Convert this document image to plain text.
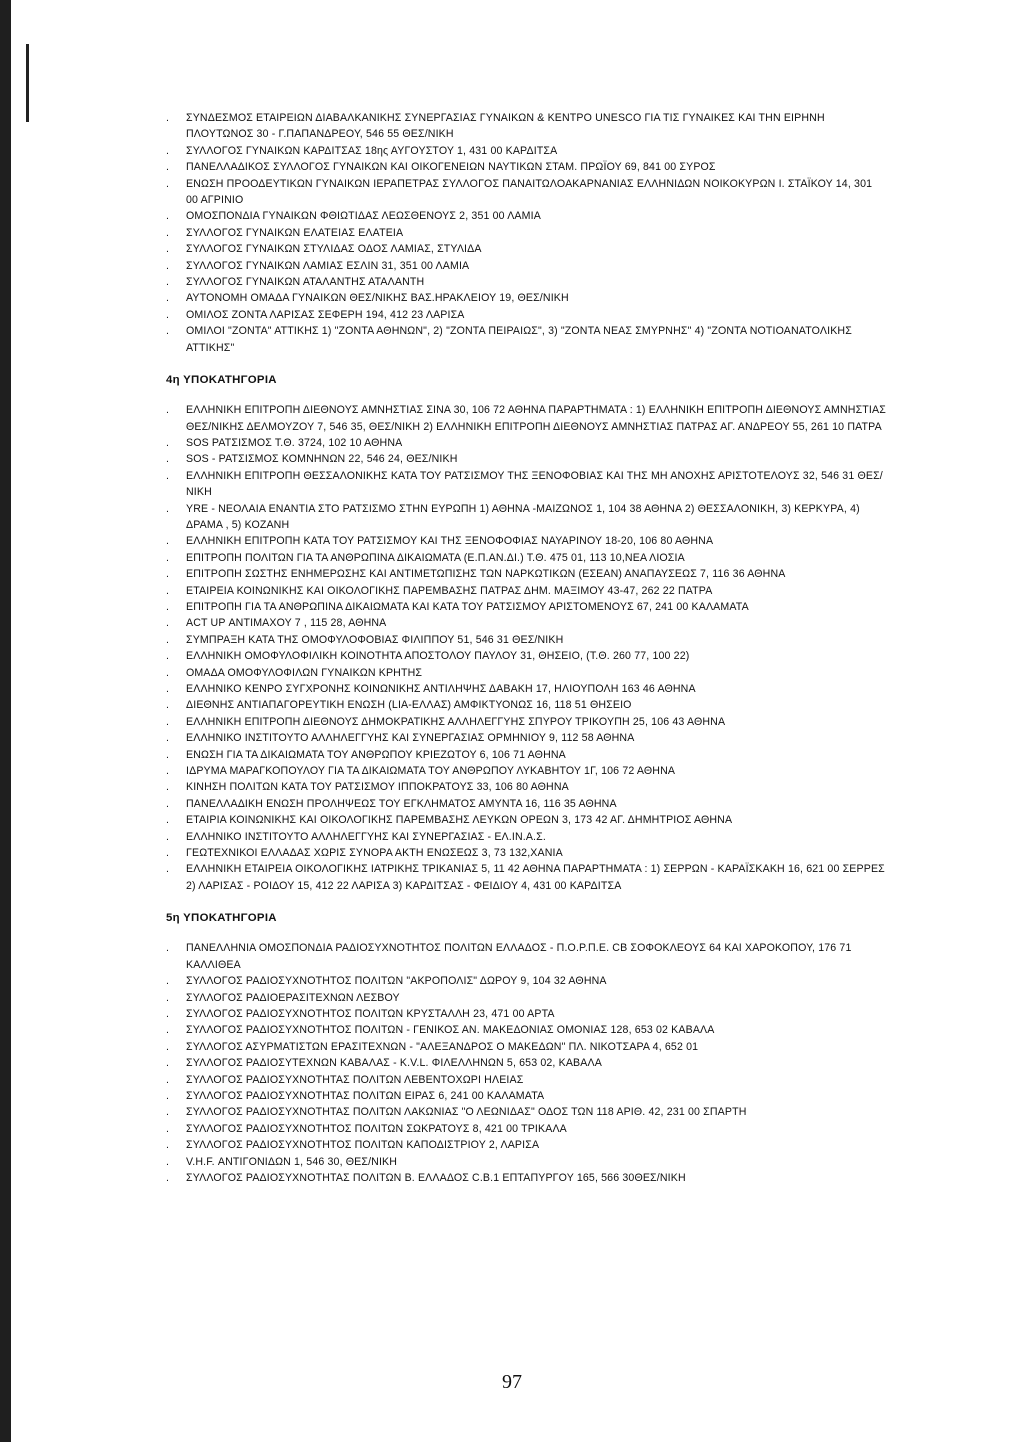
.	ΣΥΝΔΕΣΜΟΣ ΕΤΑΙΡΕΙΩΝ ΔΙΑΒΑΛΚΑΝΙΚΗΣ ΣΥΝΕΡΓΑΣΙΑΣ ΓΥΝΑΙΚΩΝ & ΚΕΝΤΡΟ UNESCO ΓΙΑ ΤΙΣ ΓΥΝΑΙΚΕΣ ΚΑΙ ΤΗΝ ΕΙΡΗΝΗ ΠΛΟΥΤΩΝΟΣ 30 - Γ.ΠΑΠΑΝΔΡΕΟΥ, 546 55 ΘΕΣ/ΝΙΚΗ
.	ΣΥΛΛΟΓΟΣ ΓΥΝΑΙΚΩΝ ΚΑΡΔΙΤΣΑΣ 18ης ΑΥΓΟΥΣΤΟΥ 1, 431 00 ΚΑΡΔΙΤΣΑ
.	ΠΑΝΕΛΛΑΔΙΚΟΣ ΣΥΛΛΟΓΟΣ ΓΥΝΑΙΚΩΝ ΚΑΙ ΟΙΚΟΓΕΝΕΙΩΝ ΝΑΥΤΙΚΩΝ ΣΤΑΜ. ΠΡΩΪΟΥ 69, 841 00 ΣΥΡΟΣ
.	ΕΝΩΣΗ ΠΡΟΟΔΕΥΤΙΚΩΝ ΓΥΝΑΙΚΩΝ ΙΕΡΑΠΕΤΡΑΣ ΣΥΛΛΟΓΟΣ ΠΑΝΑΙΤΩΛΟΑΚΑΡΝΑΝΙΑΣ ΕΛΛΗΝΙΔΩΝ ΝΟΙΚΟΚΥΡΩΝ Ι. ΣΤΑΪΚΟΥ 14, 301 00 ΑΓΡΙΝΙΟ
.	ΟΜΟΣΠΟΝΔΙΑ ΓΥΝΑΙΚΩΝ ΦΘΙΩΤΙΔΑΣ ΛΕΩΣΘΕΝΟΥΣ 2, 351 00 ΛΑΜΙΑ
.	ΣΥΛΛΟΓΟΣ ΓΥΝΑΙΚΩΝ ΕΛΑΤΕΙΑΣ ΕΛΑΤΕΙΑ
.	ΣΥΛΛΟΓΟΣ ΓΥΝΑΙΚΩΝ ΣΤΥΛΙΔΑΣ ΟΔΟΣ ΛΑΜΙΑΣ, ΣΤΥΛΙΔΑ
.	ΣΥΛΛΟΓΟΣ ΓΥΝΑΙΚΩΝ ΛΑΜΙΑΣ ΕΣΛΙΝ 31, 351 00 ΛΑΜΙΑ
.	ΣΥΛΛΟΓΟΣ ΓΥΝΑΙΚΩΝ ΑΤΑΛΑΝΤΗΣ ΑΤΑΛΑΝΤΗ
.	ΑΥΤΟΝΟΜΗ ΟΜΑΔΑ ΓΥΝΑΙΚΩΝ ΘΕΣ/ΝΙΚΗΣ ΒΑΣ.ΗΡΑΚΛΕΙΟΥ 19, ΘΕΣ/ΝΙΚΗ
.	ΟΜΙΛΟΣ ΖΟΝΤΑ ΛΑΡΙΣΑΣ ΣΕΦΕΡΗ 194, 412 23 ΛΑΡΙΣΑ
.	ΟΜΙΛΟΙ "ΖΟΝΤΑ" ΑΤΤΙΚΗΣ 1) "ΖΟΝΤΑ ΑΘΗΝΩΝ", 2) "ΖΟΝΤΑ ΠΕΙΡΑΙΩΣ", 3) "ΖΟΝΤΑ ΝΕΑΣ ΣΜΥΡΝΗΣ" 4) "ΖΟΝΤΑ ΝΟΤΙΟΑΝΑΤΟΛΙΚΗΣ ΑΤΤΙΚΗΣ"
4η ΥΠΟΚΑΤΗΓΟΡΙΑ
.	ΕΛΛΗΝΙΚΗ ΕΠΙΤΡΟΠΗ ΔΙΕΘΝΟΥΣ ΑΜΝΗΣΤΙΑΣ ΣΙΝΑ 30, 106 72 ΑΘΗΝΑ ΠΑΡΑΡΤΗΜΑΤΑ : 1) ΕΛΛΗΝΙΚΗ ΕΠΙΤΡΟΠΗ ΔΙΕΘΝΟΥΣ ΑΜΝΗΣΤΙΑΣ ΘΕΣ/ΝΙΚΗΣ ΔΕΛΜΟΥΖΟΥ 7, 546 35, ΘΕΣ/ΝΙΚΗ 2) ΕΛΛΗΝΙΚΗ ΕΠΙΤΡΟΠΗ ΔΙΕΘΝΟΥΣ ΑΜΝΗΣΤΙΑΣ ΠΑΤΡΑΣ ΑΓ. ΑΝΔΡΕΟΥ 55, 261 10 ΠΑΤΡΑ
.	SOS ΡΑΤΣΙΣΜΟΣ Τ.Θ. 3724, 102 10 ΑΘΗΝΑ
.	SOS - ΡΑΤΣΙΣΜΟΣ ΚΟΜΝΗΝΩΝ 22, 546 24, ΘΕΣ/ΝΙΚΗ
.	ΕΛΛΗΝΙΚΗ ΕΠΙΤΡΟΠΗ ΘΕΣΣΑΛΟΝΙΚΗΣ ΚΑΤΑ ΤΟΥ ΡΑΤΣΙΣΜΟΥ ΤΗΣ ΞΕΝΟΦΟΒΙΑΣ ΚΑΙ ΤΗΣ ΜΗ ΑΝΟΧΗΣ ΑΡΙΣΤΟΤΕΛΟΥΣ 32, 546 31 ΘΕΣ/ΝΙΚΗ
.	YRE - ΝΕΟΛΑΙΑ ΕΝΑΝΤΙΑ ΣΤΟ ΡΑΤΣΙΣΜΟ ΣΤΗΝ ΕΥΡΩΠΗ 1) ΑΘΗΝΑ -ΜΑΙΖΩΝΟΣ 1, 104 38 ΑΘΗΝΑ 2) ΘΕΣΣΑΛΟΝΙΚΗ, 3) ΚΕΡΚΥΡΑ, 4) ΔΡΑΜΑ , 5) ΚΟΖΑΝΗ
.	ΕΛΛΗΝΙΚΗ ΕΠΙΤΡΟΠΗ ΚΑΤΑ ΤΟΥ ΡΑΤΣΙΣΜΟΥ ΚΑΙ ΤΗΣ ΞΕΝΟΦΟΦΙΑΣ ΝΑΥΑΡΙΝΟΥ 18-20, 106 80 ΑΘΗΝΑ
.	ΕΠΙΤΡΟΠΗ ΠΟΛΙΤΩΝ ΓΙΑ ΤΑ ΑΝΘΡΩΠΙΝΑ ΔΙΚΑΙΩΜΑΤΑ (Ε.Π.ΑΝ.ΔΙ.) Τ.Θ. 475 01, 113 10,ΝΕΑ ΛΙΟΣΙΑ
.	ΕΠΙΤΡΟΠΗ ΣΩΣΤΗΣ ΕΝΗΜΕΡΩΣΗΣ ΚΑΙ ΑΝΤΙΜΕΤΩΠΙΣΗΣ ΤΩΝ ΝΑΡΚΩΤΙΚΩΝ (ΕΣΕΑΝ) ΑΝΑΠΑΥΣΕΩΣ 7, 116 36 ΑΘΗΝΑ
.	ΕΤΑΙΡΕΙΑ ΚΟΙΝΩΝΙΚΗΣ ΚΑΙ ΟΙΚΟΛΟΓΙΚΗΣ ΠΑΡΕΜΒΑΣΗΣ ΠΑΤΡΑΣ ΔΗΜ. ΜΑΞΙΜΟΥ 43-47, 262 22 ΠΑΤΡΑ
.	ΕΠΙΤΡΟΠΗ ΓΙΑ ΤΑ ΑΝΘΡΩΠΙΝΑ ΔΙΚΑΙΩΜΑΤΑ ΚΑΙ ΚΑΤΑ ΤΟΥ ΡΑΤΣΙΣΜΟΥ ΑΡΙΣΤΟΜΕΝΟΥΣ 67, 241 00 ΚΑΛΑΜΑΤΑ
.	ACT UP ΑΝΤΙΜΑΧΟΥ 7 , 115 28, ΑΘΗΝΑ
.	ΣΥΜΠΡΑΞΗ ΚΑΤΑ ΤΗΣ ΟΜΟΦΥΛΟΦΟΒΙΑΣ ΦΙΛΙΠΠΟΥ 51, 546 31 ΘΕΣ/ΝΙΚΗ
.	ΕΛΛΗΝΙΚΗ ΟΜΟΦΥΛΟΦΙΛΙΚΗ ΚΟΙΝΟΤΗΤΑ ΑΠΟΣΤΟΛΟΥ ΠΑΥΛΟΥ 31, ΘΗΣΕΙΟ, (Τ.Θ. 260 77, 100 22)
.	ΟΜΑΔΑ ΟΜΟΦΥΛΟΦΙΛΩΝ ΓΥΝΑΙΚΩΝ ΚΡΗΤΗΣ
.	ΕΛΛΗΝΙΚΟ ΚΕΝΡΟ ΣΥΓΧΡΟΝΗΣ ΚΟΙΝΩΝΙΚΗΣ ΑΝΤΙΛΗΨΗΣ ΔΑΒΑΚΗ 17, ΗΛΙΟΥΠΟΛΗ 163 46 ΑΘΗΝΑ
.	ΔΙΕΘΝΗΣ ΑΝΤΙΑΠΑΓΟΡΕΥΤΙΚΗ ΕΝΩΣΗ (LIA-ΕΛΛΑΣ) ΑΜΦΙΚΤΥΟΝΩΣ 16, 118 51 ΘΗΣΕΙΟ
.	ΕΛΛΗΝΙΚΗ ΕΠΙΤΡΟΠΗ ΔΙΕΘΝΟΥΣ ΔΗΜΟΚΡΑΤΙΚΗΣ ΑΛΛΗΛΕΓΓΥΗΣ ΣΠΥΡΟΥ ΤΡΙΚΟΥΠΗ 25, 106 43 ΑΘΗΝΑ
.	ΕΛΛΗΝΙΚΟ ΙΝΣΤΙΤΟΥΤΟ ΑΛΛΗΛΕΓΓΥΗΣ ΚΑΙ ΣΥΝΕΡΓΑΣΙΑΣ ΟΡΜΗΝΙΟΥ 9, 112 58 ΑΘΗΝΑ
.	ΕΝΩΣΗ ΓΙΑ ΤΑ ΔΙΚΑΙΩΜΑΤΑ ΤΟΥ ΑΝΘΡΩΠΟΥ ΚΡΙΕΖΩΤΟΥ 6, 106 71 ΑΘΗΝΑ
.	ΙΔΡΥΜΑ ΜΑΡΑΓΚΟΠΟΥΛΟΥ ΓΙΑ ΤΑ ΔΙΚΑΙΩΜΑΤΑ ΤΟΥ ΑΝΘΡΩΠΟΥ ΛΥΚΑΒΗΤΟΥ 1Γ, 106 72 ΑΘΗΝΑ
.	ΚΙΝΗΣΗ ΠΟΛΙΤΩΝ ΚΑΤΑ ΤΟΥ ΡΑΤΣΙΣΜΟΥ ΙΠΠΟΚΡΑΤΟΥΣ 33, 106 80 ΑΘΗΝΑ
.	ΠΑΝΕΛΛΑΔΙΚΗ ΕΝΩΣΗ ΠΡΟΛΗΨΕΩΣ ΤΟΥ ΕΓΚΛΗΜΑΤΟΣ ΑΜΥΝΤΑ 16, 116 35 ΑΘΗΝΑ
.	ΕΤΑΙΡΙΑ ΚΟΙΝΩΝΙΚΗΣ ΚΑΙ ΟΙΚΟΛΟΓΙΚΗΣ ΠΑΡΕΜΒΑΣΗΣ ΛΕΥΚΩΝ ΟΡΕΩΝ 3, 173 42 ΑΓ. ΔΗΜΗΤΡΙΟΣ ΑΘΗΝΑ
.	ΕΛΛΗΝΙΚΟ ΙΝΣΤΙΤΟΥΤΟ ΑΛΛΗΛΕΓΓΥΗΣ ΚΑΙ ΣΥΝΕΡΓΑΣΙΑΣ - ΕΛ.ΙΝ.Α.Σ.
.	ΓΕΩΤΕΧΝΙΚΟΙ ΕΛΛΑΔΑΣ ΧΩΡΙΣ ΣΥΝΟΡΑ ΑΚΤΗ ΕΝΩΣΕΩΣ 3, 73 132,ΧΑΝΙΑ
.	ΕΛΛΗΝΙΚΗ ΕΤΑΙΡΕΙΑ ΟΙΚΟΛΟΓΙΚΗΣ ΙΑΤΡΙΚΗΣ ΤΡΙΚΑΝΙΑΣ 5, 11 42 ΑΘΗΝΑ ΠΑΡΑΡΤΗΜΑΤΑ : 1) ΣΕΡΡΩΝ - ΚΑΡΑΪΣΚΑΚΗ 16, 621 00 ΣΕΡΡΕΣ 2) ΛΑΡΙΣΑΣ - ΡΟΙΔΟΥ 15, 412 22 ΛΑΡΙΣΑ 3) ΚΑΡΔΙΤΣΑΣ - ΦΕΙΔΙΟΥ 4, 431 00 ΚΑΡΔΙΤΣΑ
5η ΥΠΟΚΑΤΗΓΟΡΙΑ
.	ΠΑΝΕΛΛΗΝΙΑ ΟΜΟΣΠΟΝΔΙΑ ΡΑΔΙΟΣΥΧΝΟΤΗΤΟΣ ΠΟΛΙΤΩΝ ΕΛΛΑΔΟΣ - Π.Ο.Ρ.Π.Ε. CB ΣΟΦΟΚΛΕΟΥΣ 64 ΚΑΙ ΧΑΡΟΚΟΠΟΥ, 176 71 ΚΑΛΛΙΘΕΑ
.	ΣΥΛΛΟΓΟΣ ΡΑΔΙΟΣΥΧΝΟΤΗΤΟΣ ΠΟΛΙΤΩΝ "ΑΚΡΟΠΟΛΙΣ" ΔΩΡΟΥ 9, 104 32 ΑΘΗΝΑ
.	ΣΥΛΛΟΓΟΣ ΡΑΔΙΟΕΡΑΣΙΤΕΧΝΩΝ ΛΕΣΒΟΥ
.	ΣΥΛΛΟΓΟΣ ΡΑΔΙΟΣΥΧΝΟΤΗΤΟΣ ΠΟΛΙΤΩΝ ΚΡΥΣΤΑΛΛΗ 23, 471 00 ΑΡΤΑ
.	ΣΥΛΛΟΓΟΣ ΡΑΔΙΟΣΥΧΝΟΤΗΤΟΣ ΠΟΛΙΤΩΝ - ΓΕΝΙΚΟΣ ΑΝ. ΜΑΚΕΔΟΝΙΑΣ ΟΜΟΝΙΑΣ 128, 653 02 ΚΑΒΑΛΑ
.	ΣΥΛΛΟΓΟΣ ΑΣΥΡΜΑΤΙΣΤΩΝ ΕΡΑΣΙΤΕΧΝΩΝ - "ΑΛΕΞΑΝΔΡΟΣ Ο ΜΑΚΕΔΩΝ" ΠΛ. ΝΙΚΟΤΣΑΡΑ 4, 652 01
.	ΣΥΛΛΟΓΟΣ ΡΑΔΙΟΣΥΤΕΧΝΩΝ ΚΑΒΑΛΑΣ - K.V.L. ΦΙΛΕΛΛΗΝΩΝ 5, 653 02, ΚΑΒΑΛΑ
.	ΣΥΛΛΟΓΟΣ ΡΑΔΙΟΣΥΧΝΟΤΗΤΑΣ ΠΟΛΙΤΩΝ ΛΕΒΕΝΤΟΧΩΡΙ ΗΛΕΙΑΣ
.	ΣΥΛΛΟΓΟΣ ΡΑΔΙΟΣΥΧΝΟΤΗΤΑΣ ΠΟΛΙΤΩΝ ΕΙΡΑΣ 6, 241 00 ΚΑΛΑΜΑΤΑ
.	ΣΥΛΛΟΓΟΣ ΡΑΔΙΟΣΥΧΝΟΤΗΤΑΣ ΠΟΛΙΤΩΝ ΛΑΚΩΝΙΑΣ "Ο ΛΕΩΝΙΔΑΣ" ΟΔΟΣ ΤΩΝ 118 ΑΡΙΘ. 42, 231 00 ΣΠΑΡΤΗ
.	ΣΥΛΛΟΓΟΣ ΡΑΔΙΟΣΥΧΝΟΤΗΤΟΣ ΠΟΛΙΤΩΝ ΣΩΚΡΑΤΟΥΣ 8, 421 00 ΤΡΙΚΑΛΑ
.	ΣΥΛΛΟΓΟΣ ΡΑΔΙΟΣΥΧΝΟΤΗΤΟΣ ΠΟΛΙΤΩΝ ΚΑΠΟΔΙΣΤΡΙΟΥ 2, ΛΑΡΙΣΑ
.	V.H.F. ΑΝΤΙΓΟΝΙΔΩΝ 1, 546 30, ΘΕΣ/ΝΙΚΗ
.	ΣΥΛΛΟΓΟΣ ΡΑΔΙΟΣΥΧΝΟΤΗΤΑΣ ΠΟΛΙΤΩΝ Β. ΕΛΛΑΔΟΣ C.B.1 ΕΠΤΑΠΥΡΓΟΥ 165, 566 30ΘΕΣ/ΝΙΚΗ
97
